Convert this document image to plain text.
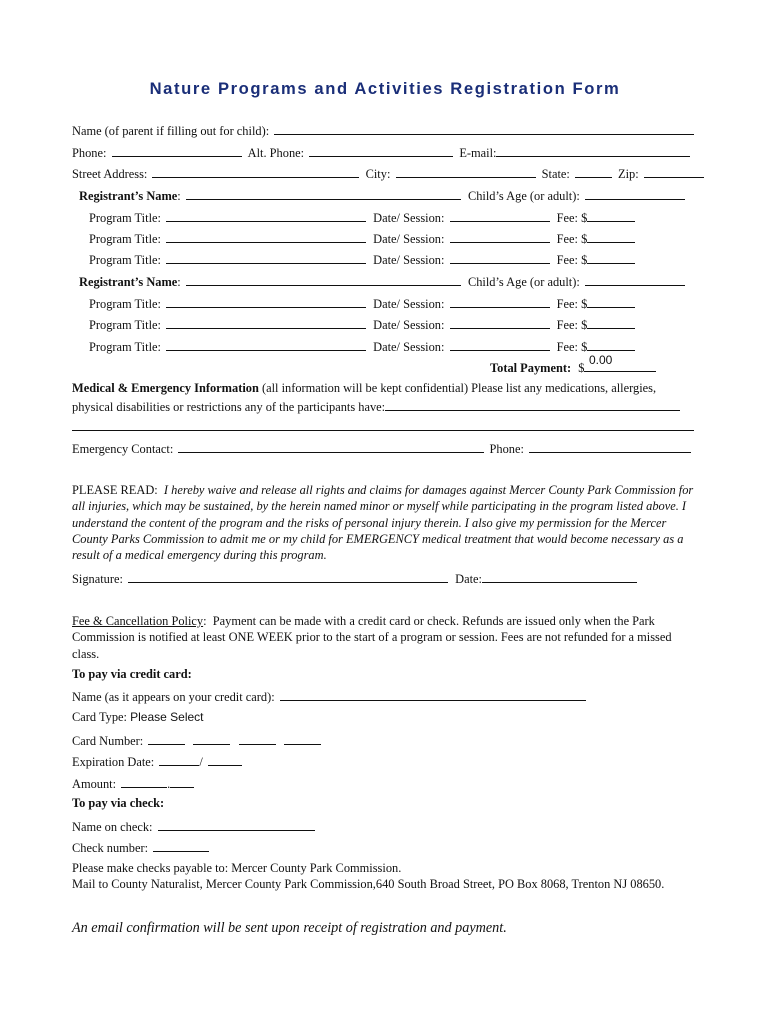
Nature Programs and Activities Registration Form
Name (of parent if filling out for child):
Phone:	Alt. Phone:	E-mail:
Street Address:	City:	State:	Zip:
Registrant’s Name:	Child’s Age (or adult):
Program Title:	Date/ Session:	Fee: $
Program Title:	Date/ Session:	Fee: $
Program Title:	Date/ Session:	Fee: $
Registrant’s Name:	Child’s Age (or adult):
Program Title:	Date/ Session:	Fee: $
Program Title:	Date/ Session:	Fee: $
Program Title:	Date/ Session:	Fee: $
Total Payment: $
0.00
Medical & Emergency Information (all information will be kept confidential) Please list any medications, allergies,
physical disabilities or restrictions any of the participants have:
Emergency Contact:	Phone:
PLEASE READ: I hereby waive and release all rights and claims for damages against Mercer County Park Commission for all injuries, which may be sustained, by the herein named minor or myself while participating in the program listed above. I understand the content of the program and the risks of personal injury therein. I also give my permission for the Mercer County Parks Commission to admit me or my child for EMERGENCY medical treatment that would become necessary as a result of a medical emergency during this program.
Signature:	Date:
Fee & Cancellation Policy:  Payment can be made with a credit card or check. Refunds are issued only when the Park Commission is notified at least ONE WEEK prior to the start of a program or session. Fees are not refunded for a missed class.
To pay via credit card:
Name (as it appears on your credit card):
Card Type: Please Select
Card Number:
Expiration Date:	/
Amount:	.
To pay via check:
Name on check:
Check number:
Please make checks payable to: Mercer County Park Commission.
Mail to County Naturalist, Mercer County Park Commission,640 South Broad Street, PO Box 8068, Trenton NJ 08650.
An email confirmation will be sent upon receipt of registration and payment.
